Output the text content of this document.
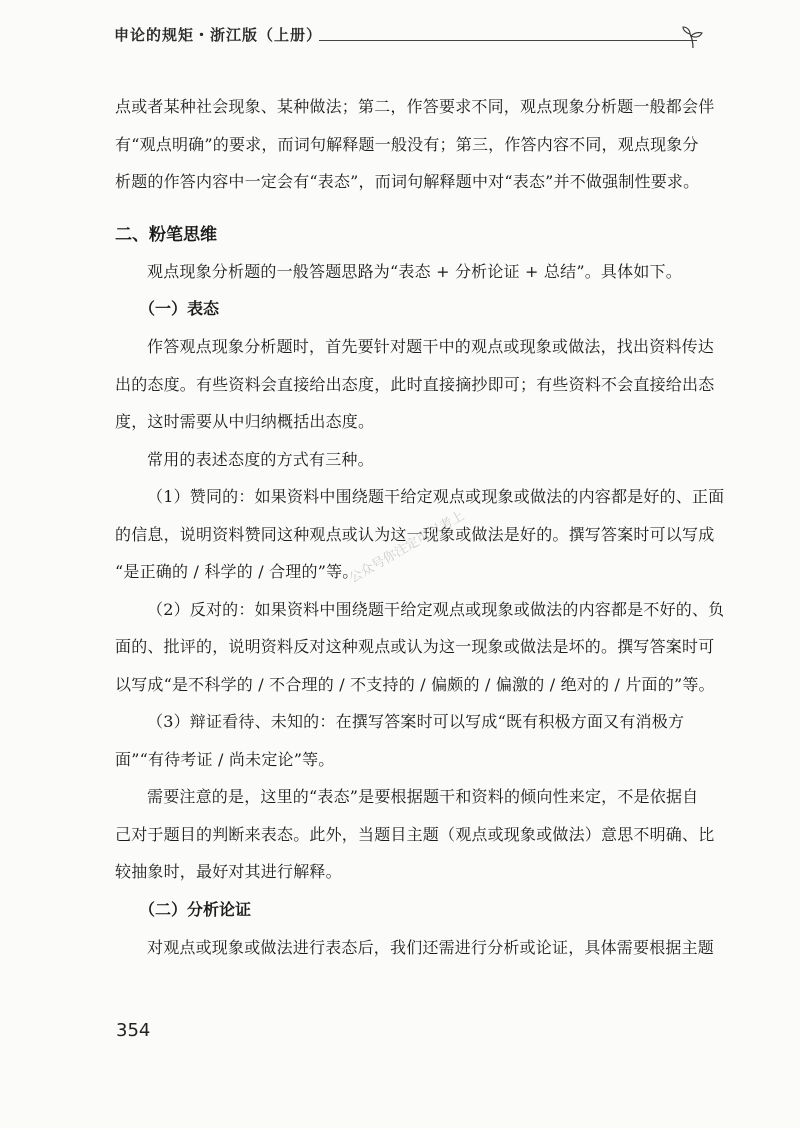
申论的规矩・浙江版（上册）

点或者某种社会现象、某种做法；第二，作答要求不同，观点现象分析题一般都会伴

有“观点明确”的要求，而词句解释题一般没有；第三，作答内容不同，观点现象分

析题的作答内容中一定会有“表态”，而词句解释题中对“表态”并不做强制性要求。

二、粉笔思维

观点现象分析题的一般答题思路为“表态 + 分析论证 + 总结”。具体如下。

（一）表态

作答观点现象分析题时，首先要针对题干中的观点或现象或做法，找出资料传达

出的态度。有些资料会直接给出态度，此时直接摘抄即可；有些资料不会直接给出态

度，这时需要从中归纳概括出态度。

常用的表述态度的方式有三种。

（1）赞同的：如果资料中围绕题干给定观点或现象或做法的内容都是好的、正面

的信息，说明资料赞同这种观点或认为这一现象或做法是好的。撰写答案时可以写成

“是正确的 / 科学的 / 合理的”等。

（2）反对的：如果资料中围绕题干给定观点或现象或做法的内容都是不好的、负

面的、批评的，说明资料反对这种观点或认为这一现象或做法是坏的。撰写答案时可

以写成“是不科学的 / 不合理的 / 不支持的 / 偏颇的 / 偏激的 / 绝对的 / 片面的”等。

（3）辩证看待、未知的：在撰写答案时可以写成“既有积极方面又有消极方

面”“有待考证 / 尚未定论”等。

需要注意的是，这里的“表态”是要根据题干和资料的倾向性来定，不是依据自

己对于题目的判断来表态。此外，当题目主题（观点或现象或做法）意思不明确、比

较抽象时，最好对其进行解释。

（二）分析论证

对观点或现象或做法进行表态后，我们还需进行分析或论证，具体需要根据主题

公众号你注定可以考上
354
